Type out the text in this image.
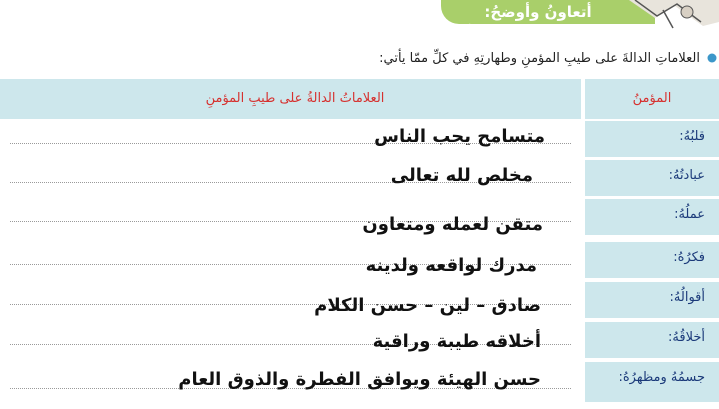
أتعاونُ وأوضحُ:
العلاماتِ الدالةَ على طيبِ المؤمنِ وطهارتِهِ في كلِّ ممّا يأتي:
العلاماتُ الدالةُ على طيبِ المؤمنِ	المؤمنُ
قلبُهُ:
متسامح يحب الناس
عبادتُهُ:
مخلص لله تعالى
عملُهُ:
متقن لعمله ومتعاون
فكرُهُ:
مدرك لواقعه ولدينه
أقوالُهُ:
صادق – لين – حسن الكلام
أخلاقُهُ:
أخلاقه طيبة وراقية
جسمُهُ ومظهرُهُ:
حسن الهيئة ويوافق الفطرة والذوق العام
